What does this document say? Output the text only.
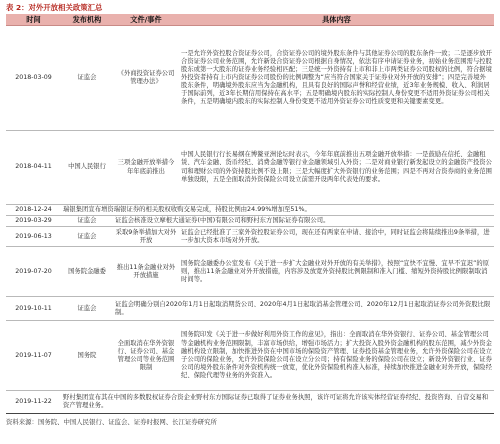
表 2：对外开放相关政策汇总
时间	发布机构	文件/事件	具体内容
2018-03-09	证监会	《外商投资证券公司管理办法》	一是允许外资控股合资证券公司，合资证券公司的境外股东条件与其他证券公司的股东条件一致；二是逐步放开合资证券公司业务范围，允许新设合资证券公司根据自身情况，依法有序申请证券业务，初始业务范围需与控股股东或第一大股东的证券业务经验相匹配；三是统一外资持有上市和非上市两类证券公司股权的比例，符合据境外投资者持有上市内资证券公司股份的比例调整为“应当符合国家关于证券业对外开放的安排”；四是完善境外股东条件，明确境外股东应当为金融机构，且具有良好的国际声誉和经营业绩，近3年业务规模、收入、利润居于国际前列，近3年长期信用保持在高水平；五是明确境内股东的实际控制人身份变更不适用外资证券公司相关条件，五是明确境内股东的实际控制人身份变更不适用外资证券公司性质变更和关键要素变更。
2018-04-11	中国人民银行	三项金融开放举措今年年底前推出	中国人民银行行长易纲在博鳌亚洲论坛时表示，今年年底前推出五项金融开放举措：一是鼓励在信托、金融租赁、汽车金融、货币经纪、消费金融等银行业金融领域引入外资；二是对商业银行新发起设立的金融资产投资公司和理财公司的外资持股比例不设上限；三是大幅度扩大外资银行的业务范围；四是不再对合资券商的业务范围单独设限，五是全面取消外资保险公司设立前需开设两年代表处的要求。
2018-12-24	瑞银集团宣布增资瑞银证券的相关股权收购交易完成，持股比例由24.99%增加至51%。		
2019-03-29	证监会	证监会核准设立摩根大通证券(中国)有限公司和野村东方国际证券有限公司。	
2019-06-13	证监会	采取9条举措加大对外开放	证监会已经批准了三家外资控股证券公司，现在还有两家在申请、接洽中，同时证监会将陆续推出9条举措，进一步加大资本市场对外开放。
2019-07-20	国务院金融委	推出11条金融业对外开放措施	国务院金融委办公室发布《关于进一步扩大金融业对外开放的有关举措》，按照“宜快不宜慢、宜早不宜迟”的原则，推出11条金融业对外开放措施，内容涉及放宽外资持股比例限制和准入门槛、缩短外资持股比例限制取消时间等。
2019-10-11	证监会	证监会明确分别自2020年1月1日起取消期货公司、2020年4月1日起取消基金管理公司、2020年12月1日起取消证券公司外资股比限制。	
2019-11-07	国务院	全面取消在华外资银行、证券公司、基金管理公司等业务范围限制	国务院印发《关于进一步做好利用外资工作的意见》，指出：全面取消在华外资银行、证券公司、基金管理公司等金融机构业务范围限制，丰富市场供给，增强市场活力；扩大投资入股外资金融机构的股东范围，减少外资金融机构设立限制，加快推进外资在中国市场的保险资产管理、证券投资基金管理业务，允许外资保险公司在设立子公司的保险业务，允许外资保险公司在设立分公司；持有保险业务的保险公司在设立；新设外资银行业、证券公司的境外股东条件对外资机构统一放宽，优化外资保险机构准入标准，持续加快推进金融业对外开放，保险经纪、保险代理等业务的外资准入。
2019-11-22	野村集团宣布其在中国的多数股权证券合资企业野村东方国际证券已取得了证券业务执照，该许可证将允许该实体经营证券经纪、投资咨询、自营交易和资产管理业务。		
资料来源：国务院、中国人民银行、证监会、证券时报网、长江证券研究所
